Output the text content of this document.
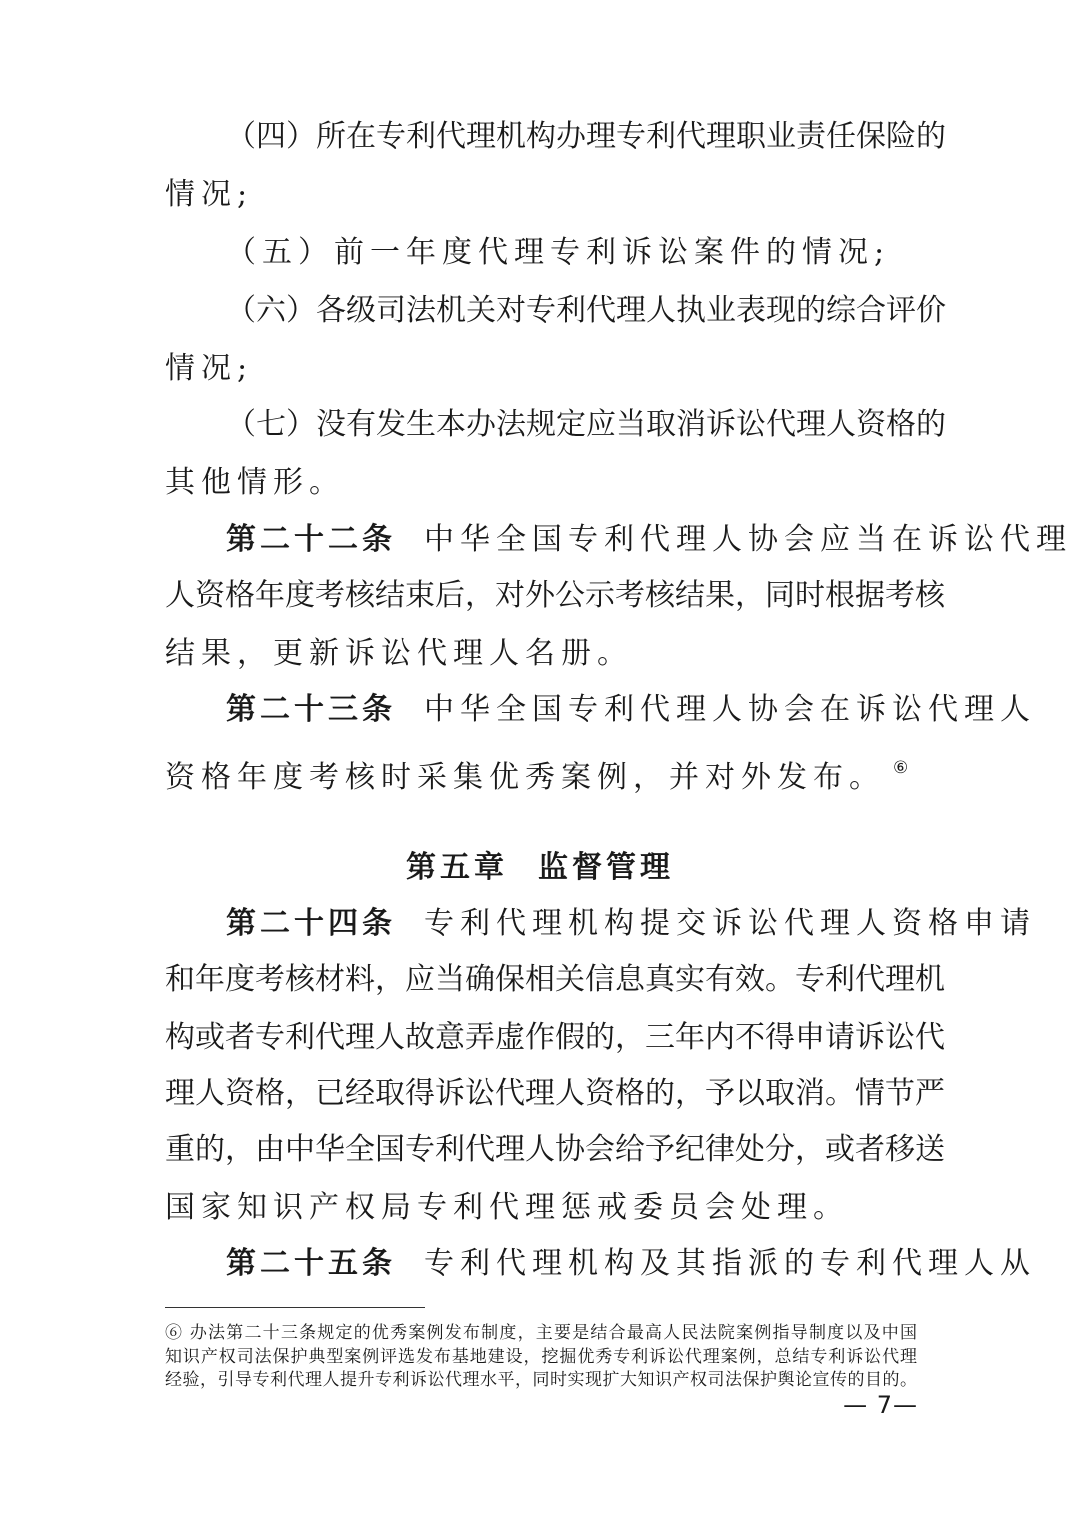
（四）所在专利代理机构办理专利代理职业责任保险的
情况;
（五）前一年度代理专利诉讼案件的情况;
（六）各级司法机关对专利代理人执业表现的综合评价
情况;
（七）没有发生本办法规定应当取消诉讼代理人资格的
其他情形。
第二十二条 中华全国专利代理人协会应当在诉讼代理
人资格年度考核结束后，对外公示考核结果，同时根据考核
结果，更新诉讼代理人名册。
第二十三条 中华全国专利代理人协会在诉讼代理人
资格年度考核时采集优秀案例，并对外发布。 ⑥
第五章 监督管理
第二十四条 专利代理机构提交诉讼代理人资格申请
和年度考核材料，应当确保相关信息真实有效。专利代理机
构或者专利代理人故意弄虚作假的，三年内不得申请诉讼代
理人资格，已经取得诉讼代理人资格的，予以取消。情节严
重的，由中华全国专利代理人协会给予纪律处分，或者移送
国家知识产权局专利代理惩戒委员会处理。
第二十五条 专利代理机构及其指派的专利代理人从
⑥ 办法第二十三条规定的优秀案例发布制度，主要是结合最高人民法院案例指导制度以及中国
知识产权司法保护典型案例评选发布基地建设，挖掘优秀专利诉讼代理案例，总结专利诉讼代理
经验，引导专利代理人提升专利诉讼代理水平，同时实现扩大知识产权司法保护舆论宣传的目的。
— 7—
